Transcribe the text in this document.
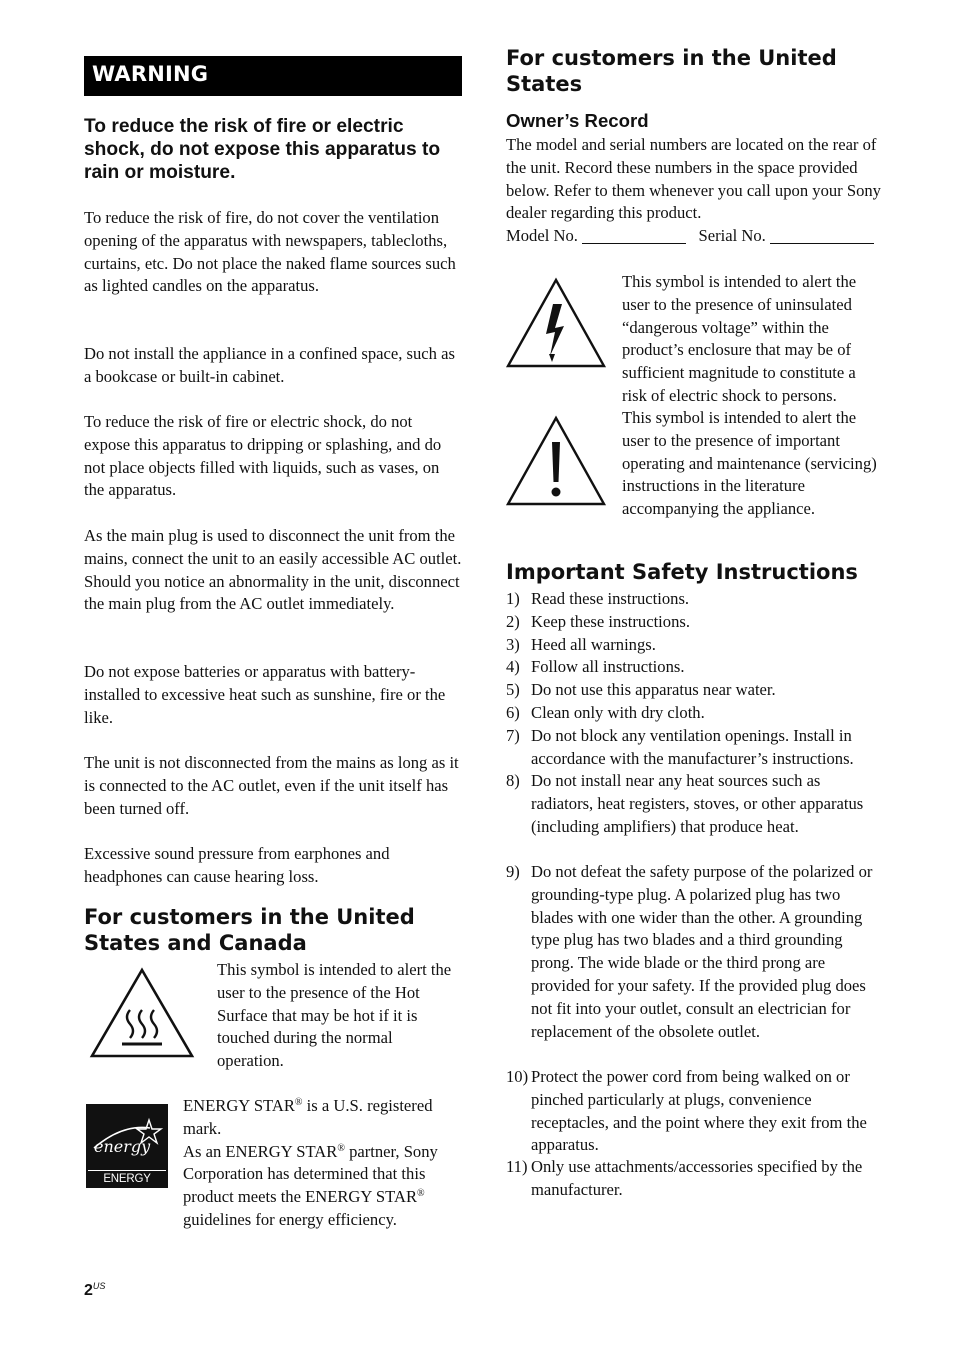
WARNING

To reduce the risk of fire or electric shock, do not expose this apparatus to rain or moisture.

To reduce the risk of fire, do not cover the ventilation opening of the apparatus with newspapers, tablecloths, curtains, etc. Do not place the naked flame sources such as lighted candles on the apparatus.

Do not install the appliance in a confined space, such as a bookcase or built-in cabinet.

To reduce the risk of fire or electric shock, do not expose this apparatus to dripping or splashing, and do not place objects filled with liquids, such as vases, on the apparatus.

As the main plug is used to disconnect the unit from the mains, connect the unit to an easily accessible AC outlet. Should you notice an abnormality in the unit, disconnect the main plug from the AC outlet immediately.

Do not expose batteries or apparatus with battery-installed to excessive heat such as sunshine, fire or the like.

The unit is not disconnected from the mains as long as it is connected to the AC outlet, even if the unit itself has been turned off.

Excessive sound pressure from earphones and headphones can cause hearing loss.

For customers in the United States and Canada

This symbol is intended to alert the user to the presence of the Hot Surface that may be hot if it is touched during the normal operation.

energy
ENERGY STAR
ENERGY STAR® is a U.S. registered mark.
As an ENERGY STAR® partner, Sony Corporation has determined that this product meets the ENERGY STAR® guidelines for energy efficiency.
$2^{US}$

For customers in the United States

Owner’s Record

The model and serial numbers are located on the rear of the unit. Record these numbers in the space provided below. Refer to them whenever you call upon your Sony dealer regarding this product.

Model No.	Serial No.

This symbol is intended to alert the user to the presence of uninsulated “dangerous voltage” within the product’s enclosure that may be of sufficient magnitude to constitute a risk of electric shock to persons.

This symbol is intended to alert the user to the presence of important operating and maintenance (servicing) instructions in the literature accompanying the appliance.

Important Safety Instructions

1) Read these instructions.
2) Keep these instructions.
3) Heed all warnings.
4) Follow all instructions.
5) Do not use this apparatus near water.
6) Clean only with dry cloth.
7) Do not block any ventilation openings. Install in accordance with the manufacturer’s instructions.
8) Do not install near any heat sources such as radiators, heat registers, stoves, or other apparatus (including amplifiers) that produce heat.
9) Do not defeat the safety purpose of the polarized or grounding-type plug. A polarized plug has two blades with one wider than the other. A grounding type plug has two blades and a third grounding prong. The wide blade or the third prong are provided for your safety. If the provided plug does not fit into your outlet, consult an electrician for replacement of the obsolete outlet.
10) Protect the power cord from being walked on or pinched particularly at plugs, convenience receptacles, and the point where they exit from the apparatus.
11) Only use attachments/accessories specified by the manufacturer.
